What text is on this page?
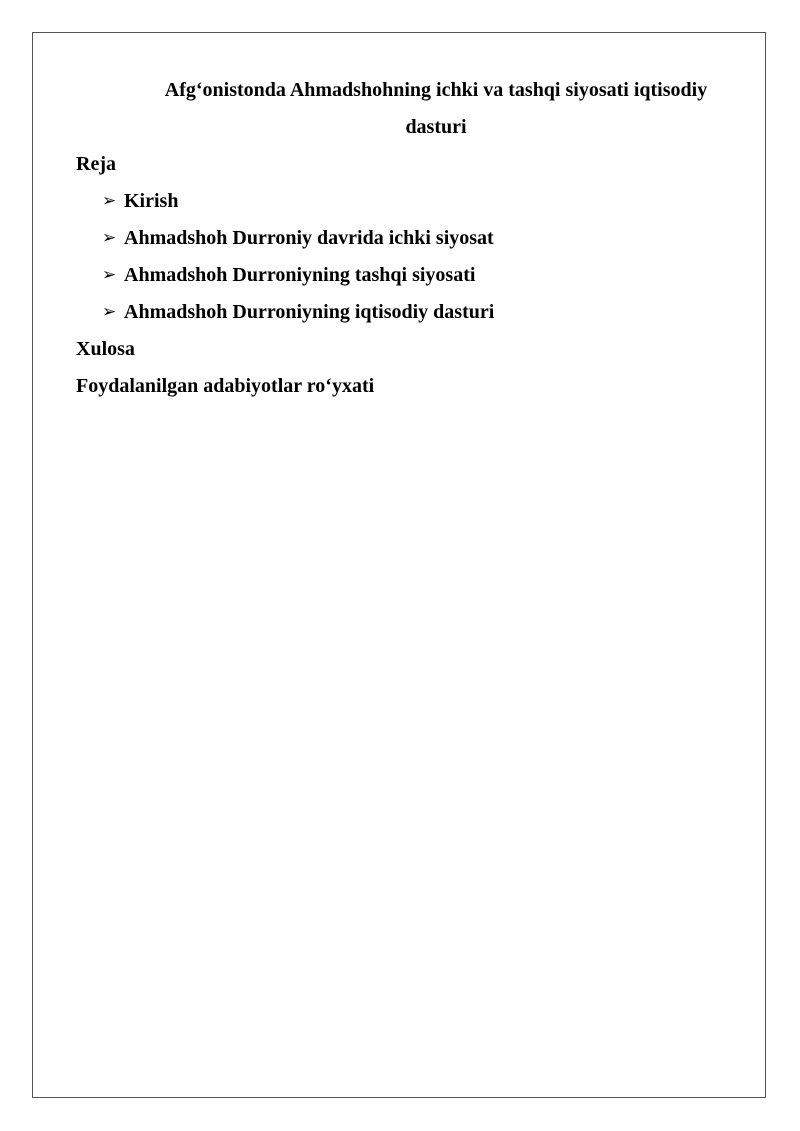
Afg‘onistonda Ahmadshohning ichki va tashqi siyosati iqtisodiy
dasturi

Reja

➢ Kirish
➢ Ahmadshoh Durroniy davrida ichki siyosat
➢ Ahmadshoh Durroniyning tashqi siyosati
➢ Ahmadshoh Durroniyning iqtisodiy dasturi

Xulosa

Foydalanilgan adabiyotlar ro‘yxati
